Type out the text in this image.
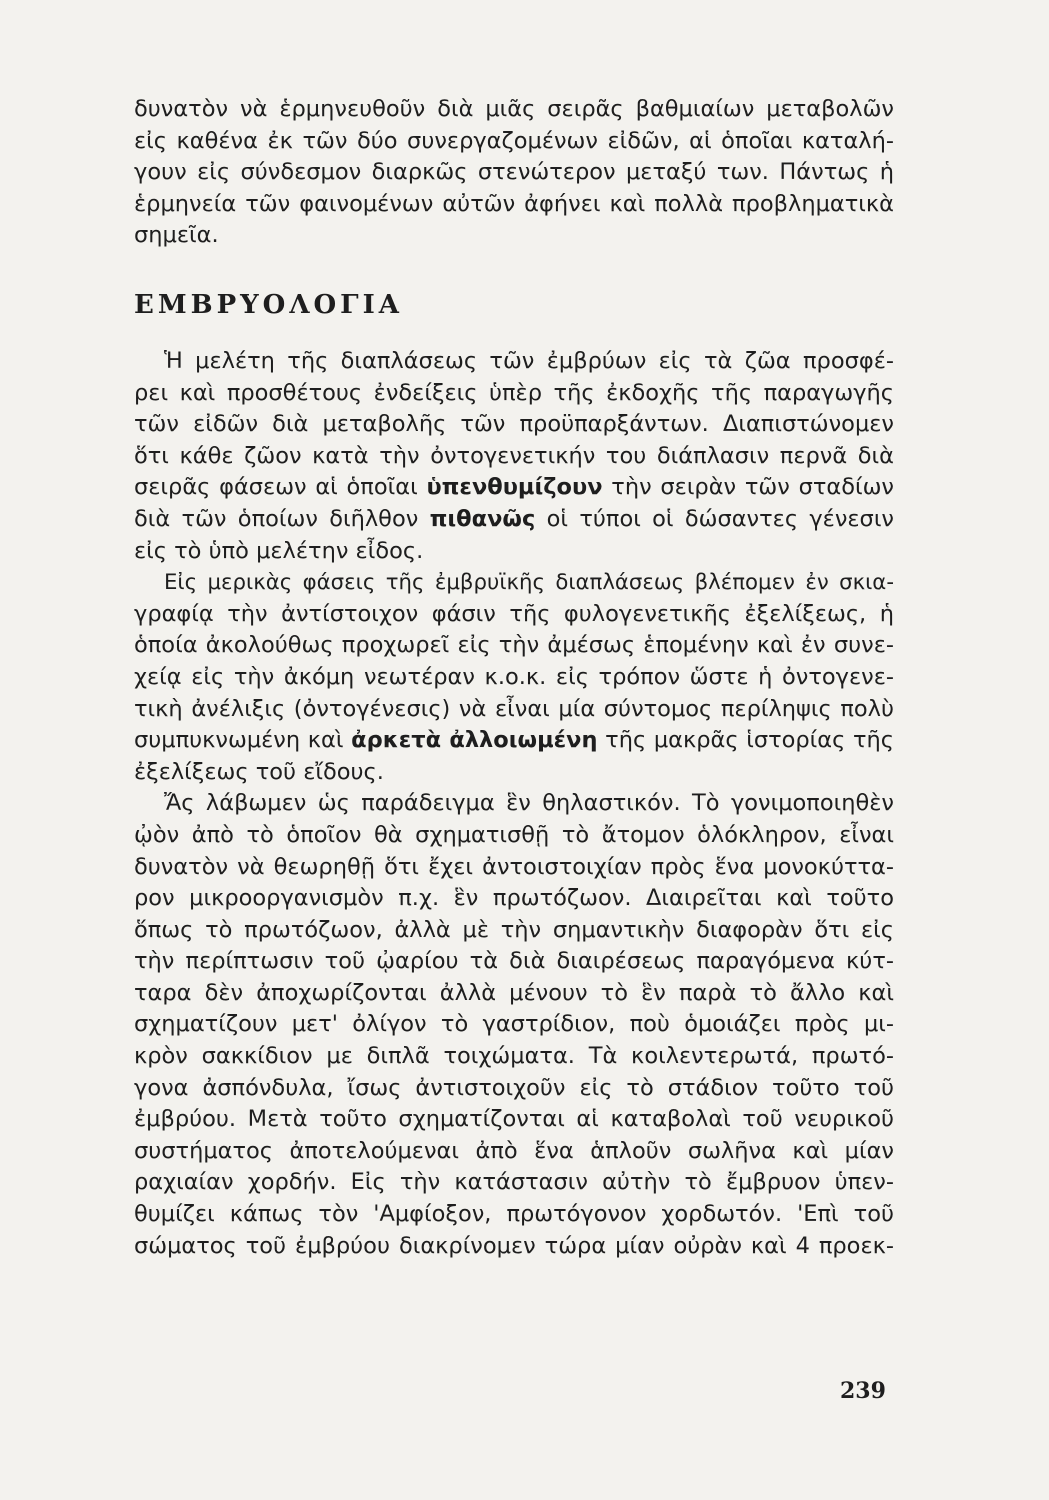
δυνατὸν νὰ ἑρμηνευθοῦν διὰ μιᾶς σειρᾶς βαθμιαίων μεταβολῶν
εἰς καθένα ἐκ τῶν δύο συνεργαζομένων εἰδῶν, αἱ ὁποῖαι καταλή-
γουν εἰς σύνδεσμον διαρκῶς στενώτερον μεταξύ των. Πάντως ἡ
ἑρμηνεία τῶν φαινομένων αὐτῶν ἀφήνει καὶ πολλὰ προβληματικὰ
σημεῖα.
ΕΜΒΡΥΟΛΟΓΙΑ
Ἡ μελέτη τῆς διαπλάσεως τῶν ἐμβρύων εἰς τὰ ζῶα προσφέ-
ρει καὶ προσθέτους ἐνδείξεις ὑπὲρ τῆς ἐκδοχῆς τῆς παραγωγῆς
τῶν εἰδῶν διὰ μεταβολῆς τῶν προϋπαρξάντων. Διαπιστώνομεν
ὅτι κάθε ζῶον κατὰ τὴν ὀντογενετικήν του διάπλασιν περνᾶ διὰ
σειρᾶς φάσεων αἱ ὁποῖαι ὑπενθυμίζουν τὴν σειρὰν τῶν σταδίων
διὰ τῶν ὁποίων διῆλθον πιθανῶς οἱ τύποι οἱ δώσαντες γένεσιν
εἰς τὸ ὑπὸ μελέτην εἶδος.
Εἰς μερικὰς φάσεις τῆς ἐμβρυϊκῆς διαπλάσεως βλέπομεν ἐν σκια-
γραφίᾳ τὴν ἀντίστοιχον φάσιν τῆς φυλογενετικῆς ἐξελίξεως, ἡ
ὁποία ἀκολούθως προχωρεῖ εἰς τὴν ἀμέσως ἑπομένην καὶ ἐν συνε-
χείᾳ εἰς τὴν ἀκόμη νεωτέραν κ.ο.κ. εἰς τρόπον ὥστε ἡ ὀντογενε-
τικὴ ἀνέλιξις (ὀντογένεσις) νὰ εἶναι μία σύντομος περίληψις πολὺ
συμπυκνωμένη καὶ ἀρκετὰ ἀλλοιωμένη τῆς μακρᾶς ἱστορίας τῆς
ἐξελίξεως τοῦ εἴδους.
Ἄς λάβωμεν ὡς παράδειγμα ἓν θηλαστικόν. Τὸ γονιμοποιηθὲν
ᾠὸν ἀπὸ τὸ ὁποῖον θὰ σχηματισθῇ τὸ ἄτομον ὁλόκληρον, εἶναι
δυνατὸν νὰ θεωρηθῇ ὅτι ἔχει ἀντοιστοιχίαν πρὸς ἕνα μονοκύττα-
ρον μικροοργανισμὸν π.χ. ἓν πρωτόζωον. Διαιρεῖται καὶ τοῦτο
ὅπως τὸ πρωτόζωον, ἀλλὰ μὲ τὴν σημαντικὴν διαφορὰν ὅτι εἰς
τὴν περίπτωσιν τοῦ ᾠαρίου τὰ διὰ διαιρέσεως παραγόμενα κύτ-
ταρα δὲν ἀποχωρίζονται ἀλλὰ μένουν τὸ ἓν παρὰ τὸ ἄλλο καὶ
σχηματίζουν μετ' ὀλίγον τὸ γαστρίδιον, ποὺ ὁμοιάζει πρὸς μι-
κρὸν σακκίδιον με διπλᾶ τοιχώματα. Τὰ κοιλεντερωτά, πρωτό-
γονα ἀσπόνδυλα, ἴσως ἀντιστοιχοῦν εἰς τὸ στάδιον τοῦτο τοῦ
ἐμβρύου. Μετὰ τοῦτο σχηματίζονται αἱ καταβολαὶ τοῦ νευρικοῦ
συστήματος ἀποτελούμεναι ἀπὸ ἕνα ἁπλοῦν σωλῆνα καὶ μίαν
ραχιαίαν χορδήν. Εἰς τὴν κατάστασιν αὐτὴν τὸ ἔμβρυον ὑπεν-
θυμίζει κάπως τὸν 'Αμφίοξον, πρωτόγονον χορδωτόν. 'Επὶ τοῦ
σώματος τοῦ ἐμβρύου διακρίνομεν τώρα μίαν οὐρὰν καὶ 4 προεκ-
239
